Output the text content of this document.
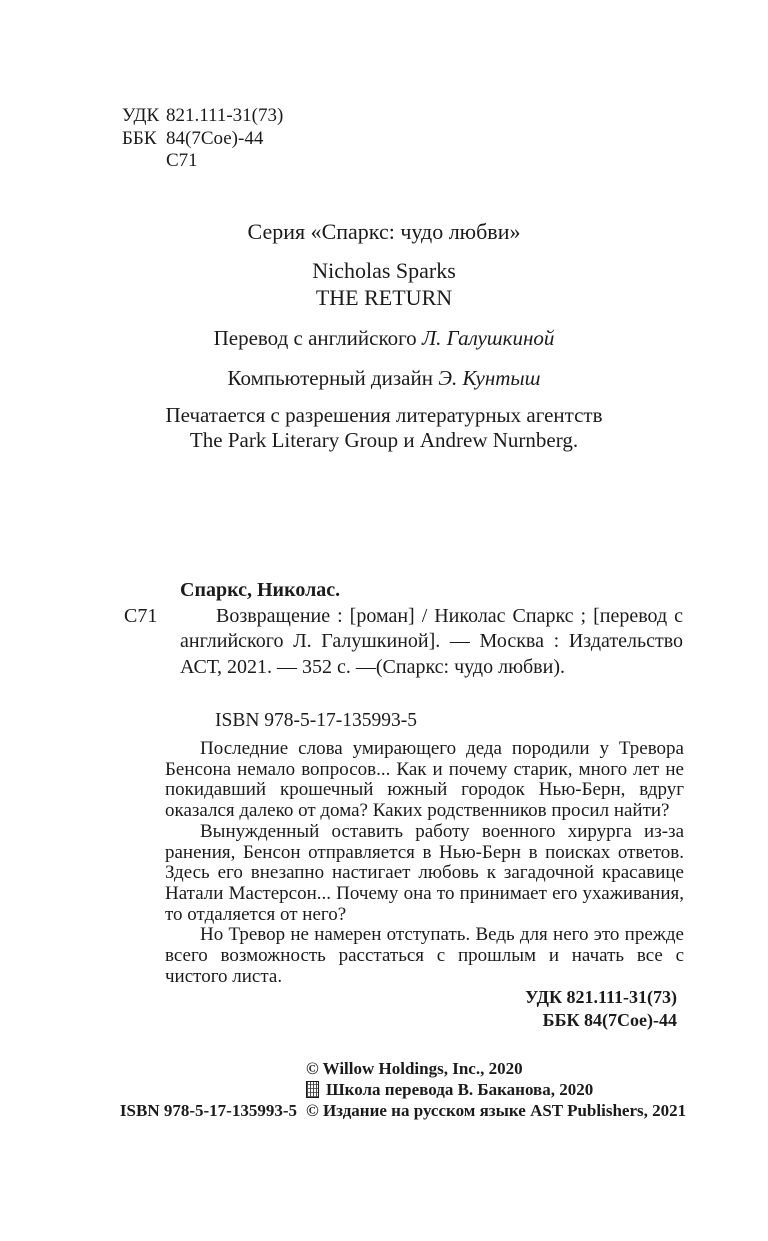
УДК 821.111-31(73)
ББК 84(7Сое)-44
С71
Серия «Спаркс: чудо любви»
Nicholas Sparks
THE RETURN
Перевод с английского Л. Галушкиной
Компьютерный дизайн Э. Кунтыш
Печатается с разрешения литературных агентств
The Park Literary Group и Andrew Nurnberg.
С71
Спаркс, Николас.
Возвращение : [роман] / Николас Спаркс ; [перевод с английского Л. Галушкиной]. — Москва : Издательство АСТ, 2021. — 352 с. —(Спаркс: чудо любви).
ISBN 978-5-17-135993-5

Последние слова умирающего деда породили у Тревора Бенсона немало вопросов... Как и почему старик, много лет не покидавший крошечный южный городок Нью-Берн, вдруг оказался далеко от дома? Каких родственников просил найти?

Вынужденный оставить работу военного хирурга из-за ранения, Бенсон отправляется в Нью-Берн в поисках ответов. Здесь его внезапно настигает любовь к загадочной красавице Натали Мастерсон... Почему она то принимает его ухаживания, то отдаляется от него?

Но Тревор не намерен отступать. Ведь для него это прежде всего возможность расстаться с прошлым и начать все с чистого листа.

УДК 821.111-31(73)
ББК 84(7Сое)-44
© Willow Holdings, Inc., 2020
Школа перевода В. Баканова, 2020
ISBN 978-5-17-135993-5 © Издание на русском языке AST Publishers, 2021
